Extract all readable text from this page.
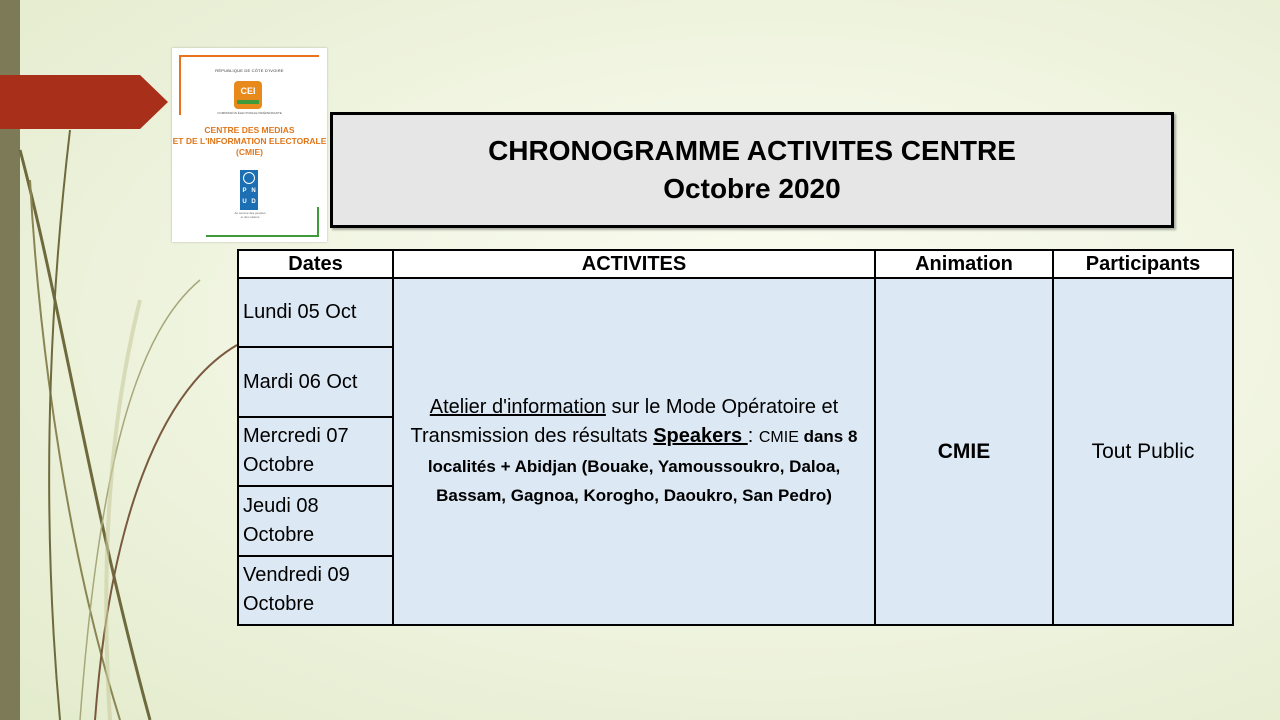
RÉPUBLIQUE DE CÔTE D'IVOIRE
CEI
COMMISSION ÉLECTORALE INDÉPENDANTE
CENTRE DES MEDIAS
ET DE L'INFORMATION ELECTORALE
(CMIE)
P N
U D
Au service des peuples et des nations
CHRONOGRAMME ACTIVITES CENTRE
Octobre 2020
Dates	ACTIVITES	Animation	Participants
Lundi 05 Oct	Atelier d'information sur le Mode Opératoire et Transmission des résultats Speakers : CMIE dans 8 localités + Abidjan (Bouake, Yamoussoukro, Daloa, Bassam, Gagnoa, Korogho, Daoukro, San Pedro)	CMIE	Tout Public
Mardi 06 Oct			
Mercredi 07 Octobre			
Jeudi 08 Octobre			
Vendredi 09 Octobre			
